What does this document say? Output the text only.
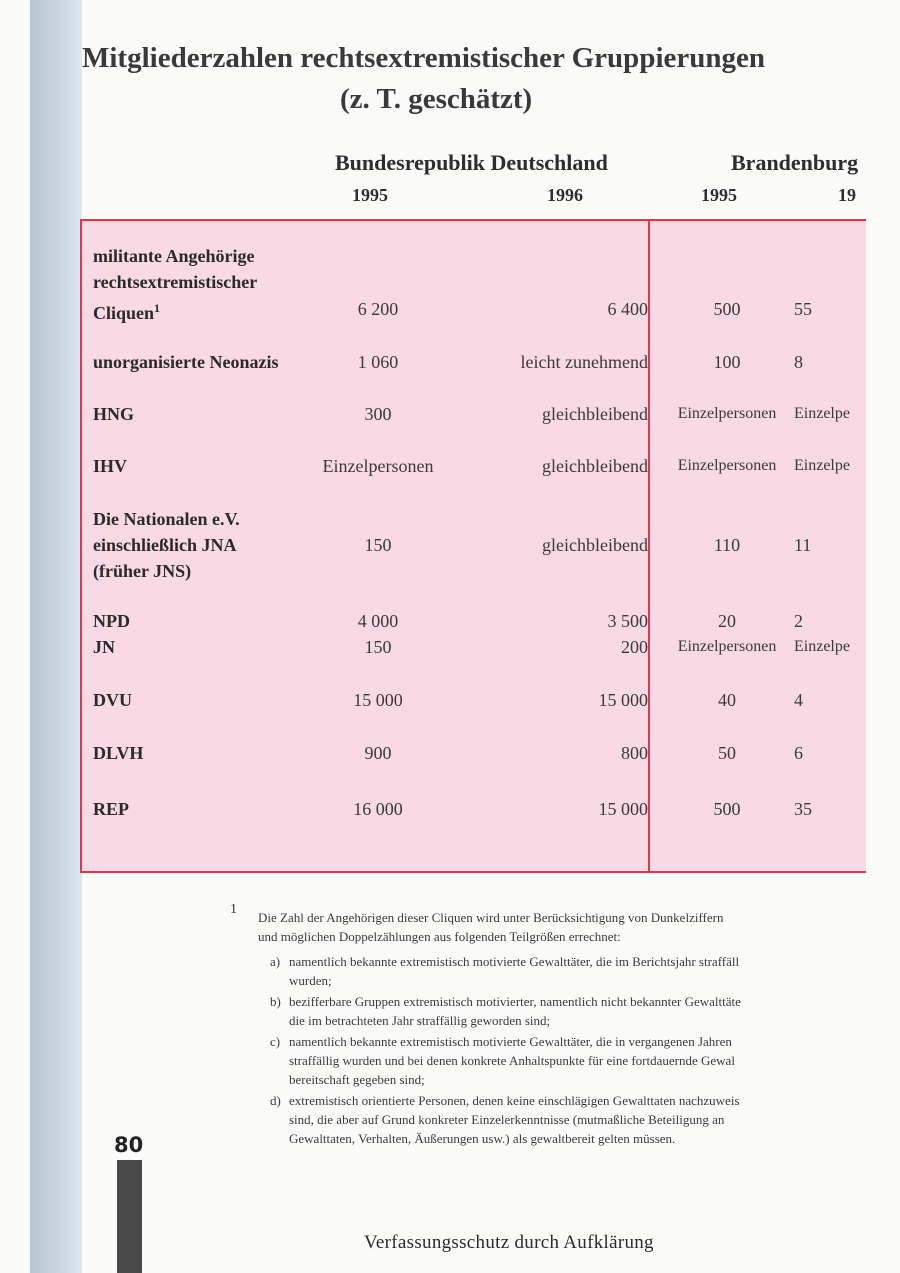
Mitgliederzahlen rechtsextremistischer Gruppierungen
(z. T. geschätzt)
Bundesrepublik Deutschland	Brandenburg
1995	1996	1995	19
militante Angehörige
rechtsextremistischer
Cliquen$^1$	6 200	6 400	500	55
unorganisierte Neonazis	1 060	leicht zunehmend	100	8
HNG	300	gleichbleibend	Einzelpersonen	Einzelpe
IHV	Einzelpersonen	gleichbleibend	Einzelpersonen	Einzelpe
Die Nationalen e.V.
einschließlich JNA
(früher JNS)
150	gleichbleibend	110	11
NPD	4 000	3 500	20	2
JN	150	200	Einzelpersonen	Einzelpe
DVU	15 000	15 000	40	4
DLVH	900	800	50	6
REP	16 000	15 000	500	35
1

Die Zahl der Angehörigen dieser Cliquen wird unter Berücksichtigung von Dunkelziffern
und möglichen Doppelzählungen aus folgenden Teilgrößen errechnet:

a) namentlich bekannte extremistisch motivierte Gewalttäter, die im Berichtsjahr straffäll
wurden;
b) bezifferbare Gruppen extremistisch motivierter, namentlich nicht bekannter Gewalttäte
die im betrachteten Jahr straffällig geworden sind;
c) namentlich bekannte extremistisch motivierte Gewalttäter, die in vergangenen Jahren
straffällig wurden und bei denen konkrete Anhaltspunkte für eine fortdauernde Gewal
bereitschaft gegeben sind;
d) extremistisch orientierte Personen, denen keine einschlägigen Gewalttaten nachzuweis
sind, die aber auf Grund konkreter Einzelerkenntnisse (mutmaßliche Beteiligung an
Gewalttaten, Verhalten, Äußerungen usw.) als gewaltbereit gelten müssen.
80
Verfassungsschutz durch Aufklärung
